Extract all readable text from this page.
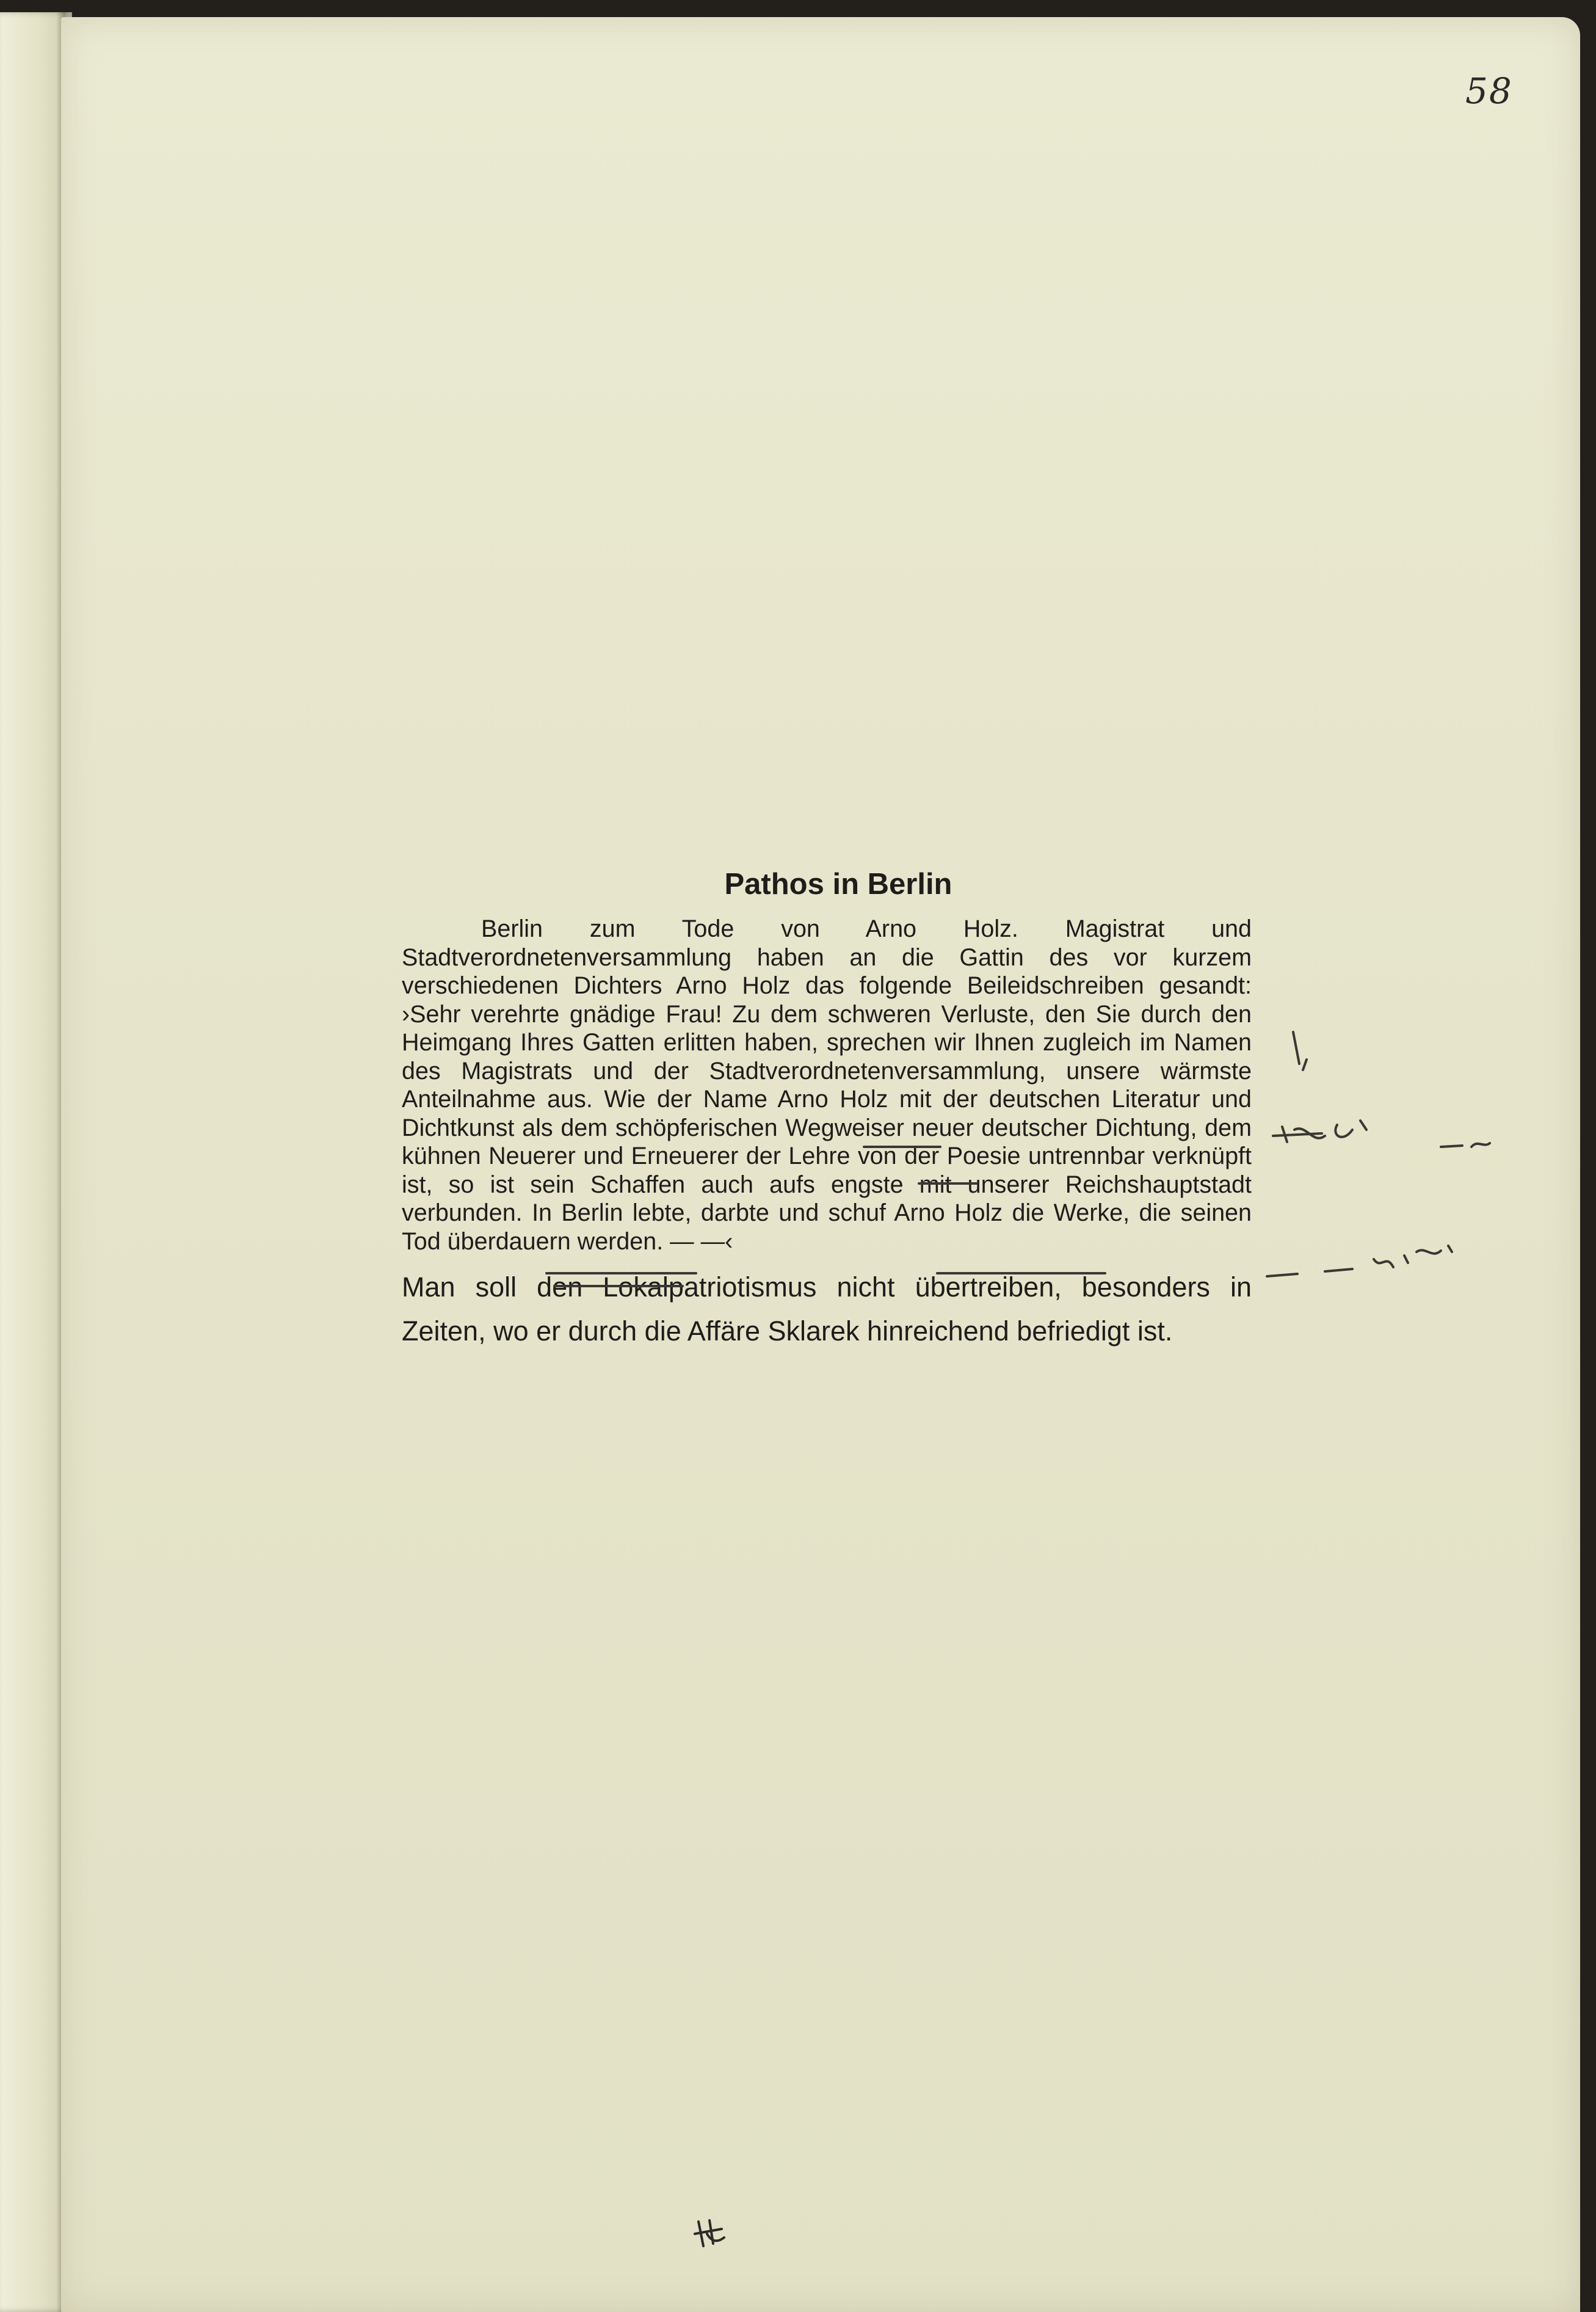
58
Pathos in Berlin

Berlin zum Tode von Arno Holz. Magistrat und Stadtverordnetenversammlung haben an die Gattin des vor kurzem verschiedenen Dichters Arno Holz das folgende Beileidschreiben gesandt: ›Sehr verehrte gnädige Frau! Zu dem schweren Verluste, den Sie durch den Heimgang Ihres Gatten erlitten haben, sprechen wir Ihnen zugleich im Namen des Magistrats und der Stadtverordnetenversammlung, unsere wärmste Anteilnahme aus. Wie der Name Arno Holz mit der deutschen Literatur und Dichtkunst als dem schöpferischen Wegweiser neuer deutscher Dichtung, dem kühnen Neuerer und Erneuerer der Lehre von der Poesie untrennbar verknüpft ist, so ist sein Schaffen auch aufs engste mit unserer Reichshauptstadt verbunden. In Berlin lebte, darbte und schuf Arno Holz die Werke, die seinen Tod überdauern werden. — —‹

Man soll den Lokalpatriotismus nicht übertreiben, besonders in Zeiten, wo er durch die Affäre Sklarek hinreichend befriedigt ist.
